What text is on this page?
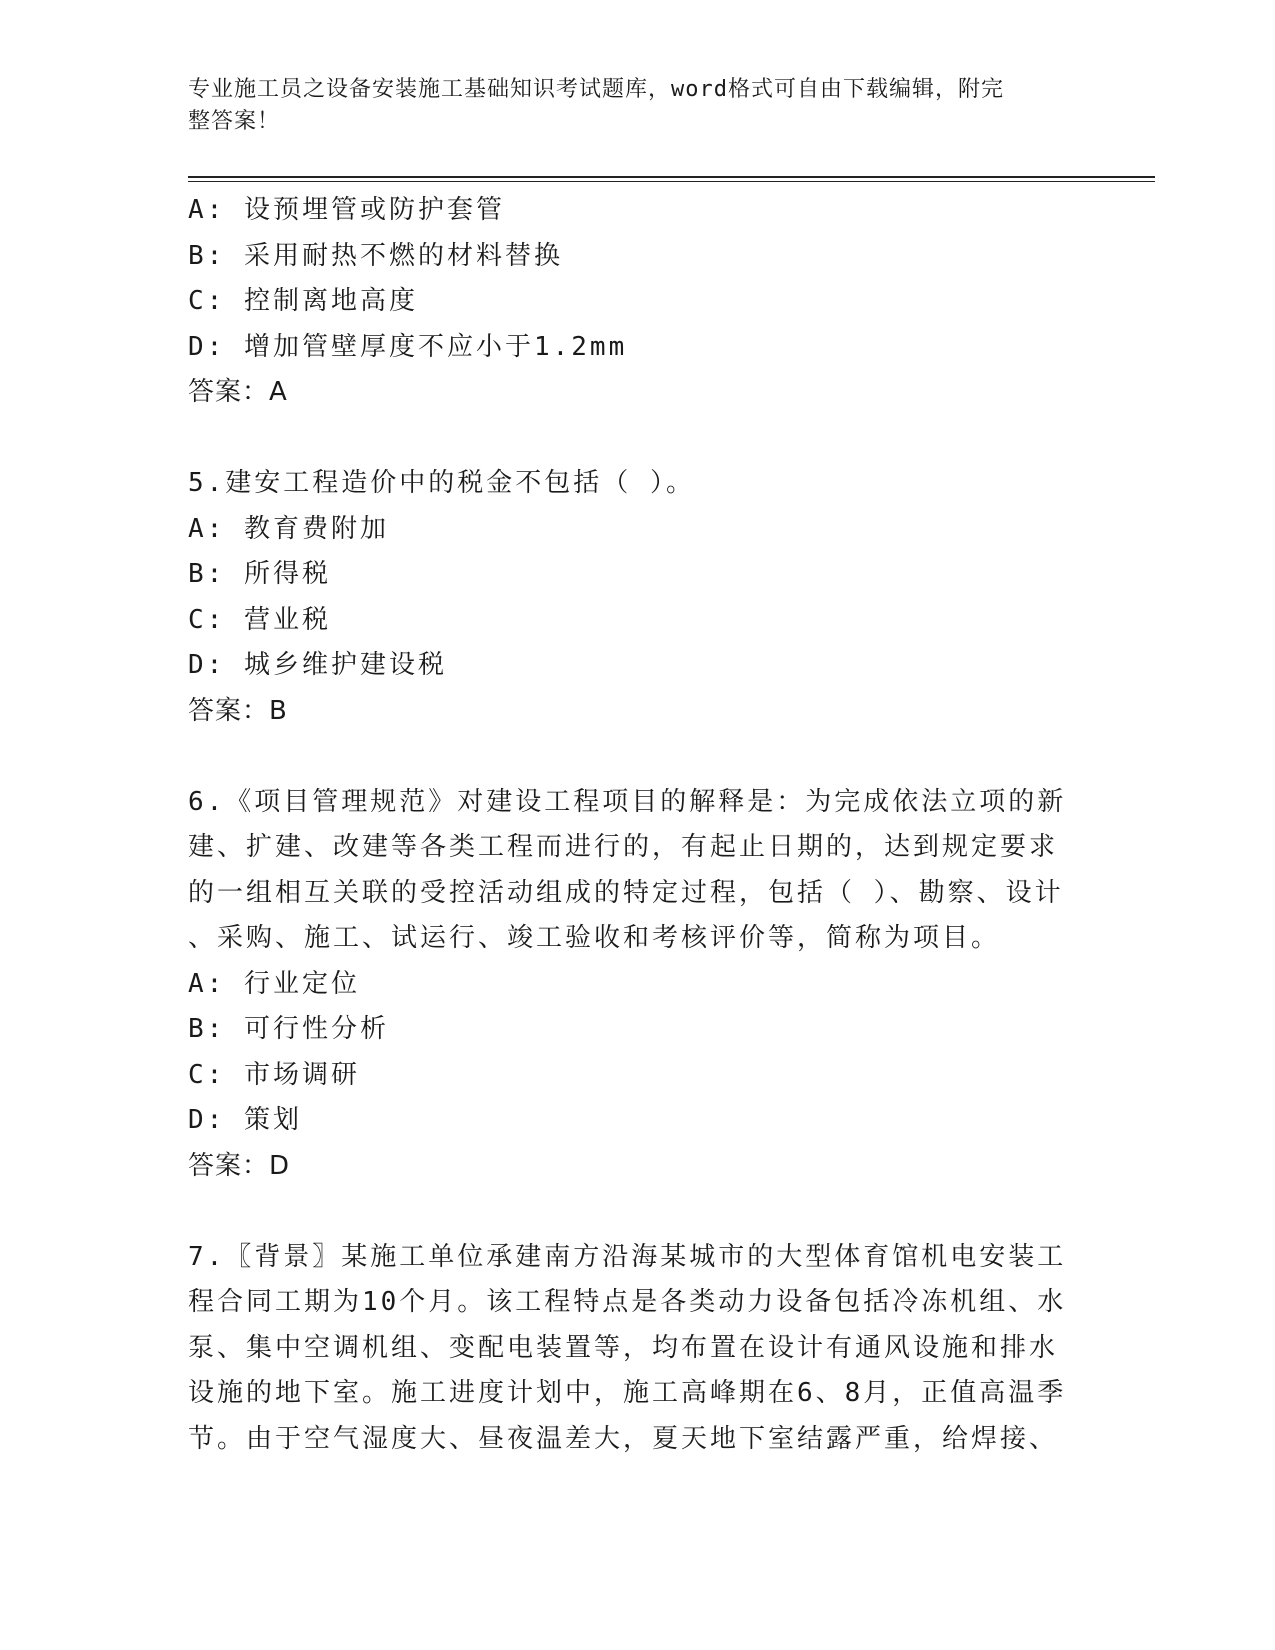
专业施工员之设备安装施工基础知识考试题库，word格式可自由下载编辑，附完
整答案！
A: 设预埋管或防护套管
B: 采用耐热不燃的材料替换
C: 控制离地高度
D: 增加管壁厚度不应小于1.2mm
答案：A
5.建安工程造价中的税金不包括（ ）。
A: 教育费附加
B: 所得税
C: 营业税
D: 城乡维护建设税
答案：B
6.《项目管理规范》对建设工程项目的解释是：为完成依法立项的新
建、扩建、改建等各类工程而进行的，有起止日期的，达到规定要求
的一组相互关联的受控活动组成的特定过程，包括（ ）、勘察、设计
、采购、施工、试运行、竣工验收和考核评价等，简称为项目。
A: 行业定位
B: 可行性分析
C: 市场调研
D: 策划
答案：D
7.〖背景〗某施工单位承建南方沿海某城市的大型体育馆机电安装工
程合同工期为10个月。该工程特点是各类动力设备包括冷冻机组、水
泵、集中空调机组、变配电装置等，均布置在设计有通风设施和排水
设施的地下室。施工进度计划中，施工高峰期在6、8月，正值高温季
节。由于空气湿度大、昼夜温差大，夏天地下室结露严重，给焊接、
